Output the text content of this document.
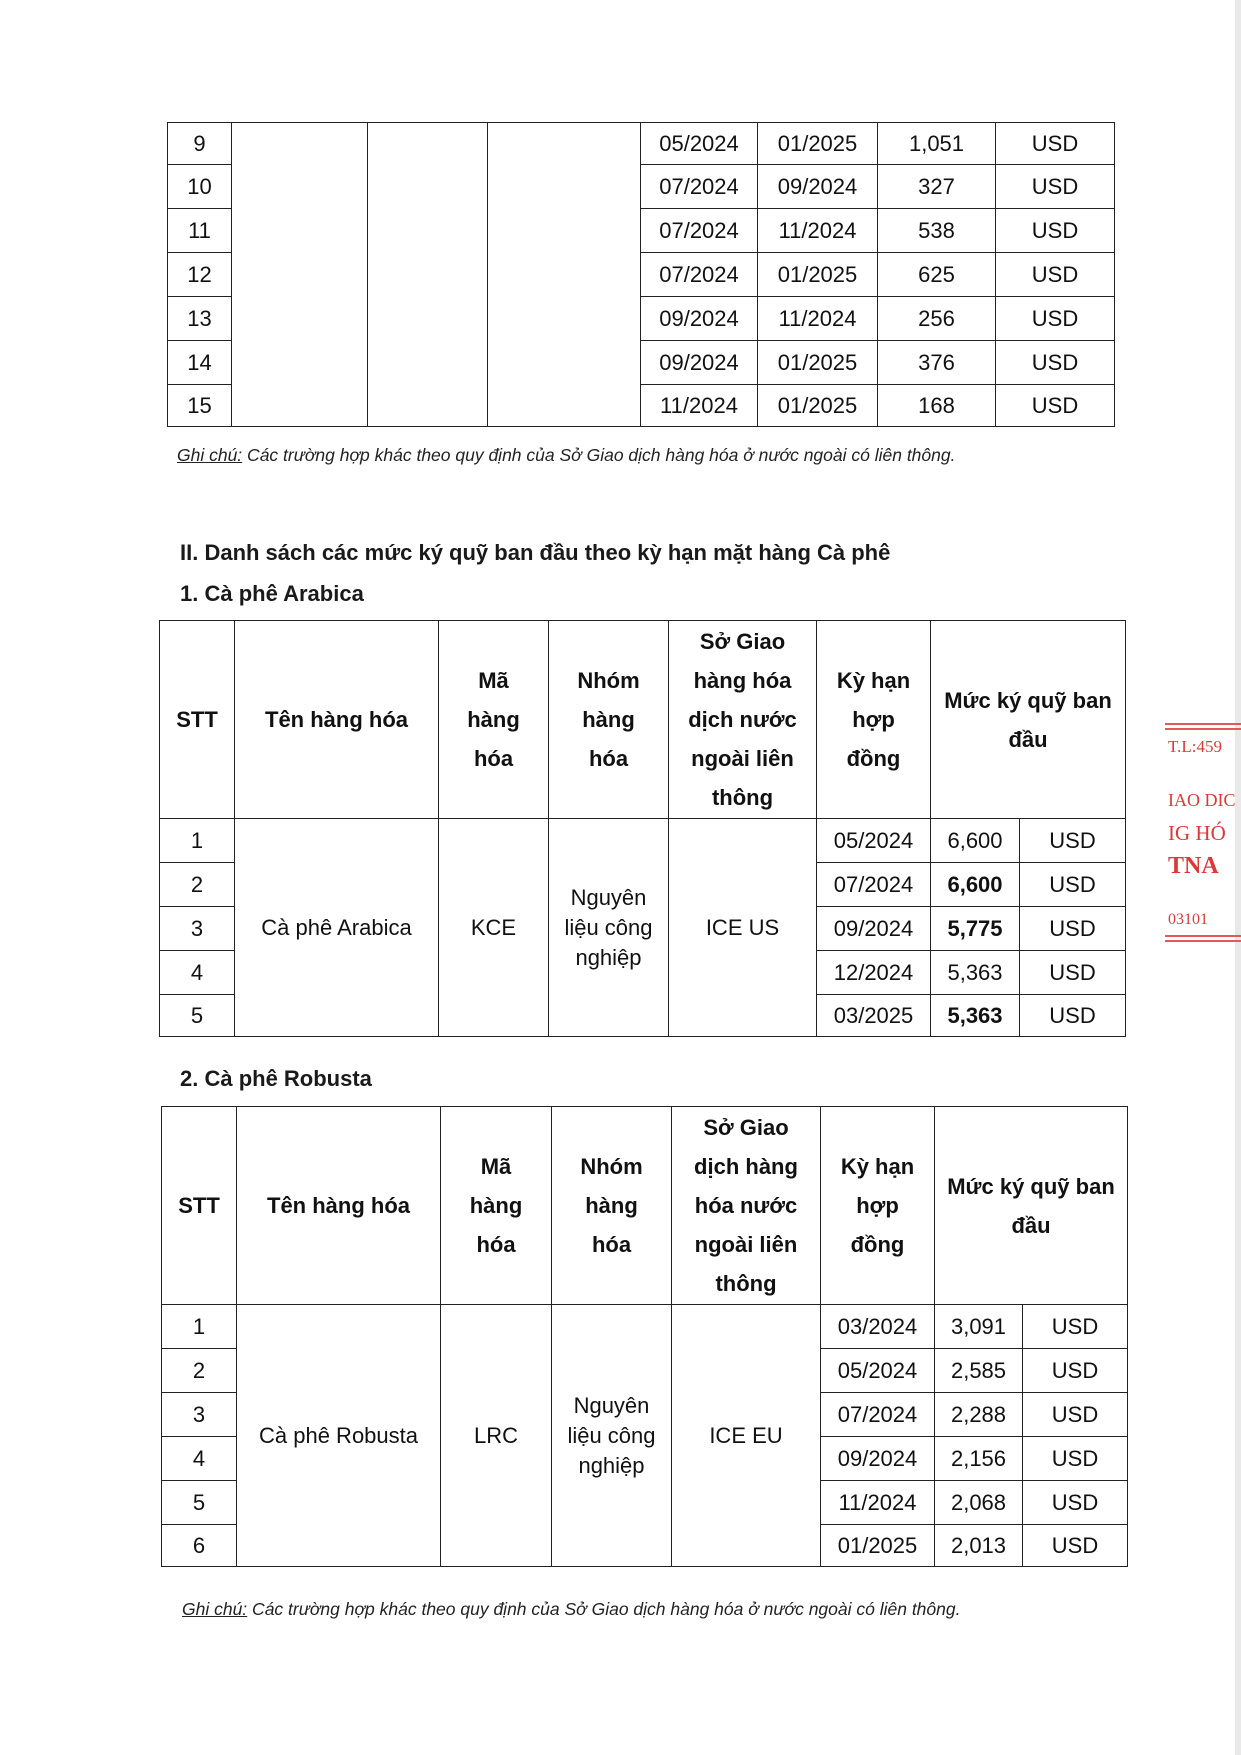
9				05/2024	01/2025	1,051	USD
10				07/2024	09/2024	327	USD
11				07/2024	11/2024	538	USD
12				07/2024	01/2025	625	USD
13				09/2024	11/2024	256	USD
14				09/2024	01/2025	376	USD
15				11/2024	01/2025	168	USD
Ghi chú: Các trường hợp khác theo quy định của Sở Giao dịch hàng hóa ở nước ngoài có liên thông.
II. Danh sách các mức ký quỹ ban đầu theo kỳ hạn mặt hàng Cà phê
1. Cà phê Arabica
STT	Tên hàng hóa	Mã hàng hóa	Nhóm hàng hóa	Sở Giao hàng hóa dịch nước ngoài liên thông	Kỳ hạn hợp đồng	Mức ký quỹ ban đầu	
1	Cà phê Arabica	KCE	Nguyên liệu công nghiệp	ICE US	05/2024	6,600	USD
2					07/2024	6,600	USD
3					09/2024	5,775	USD
4					12/2024	5,363	USD
5					03/2025	5,363	USD
2. Cà phê Robusta
STT	Tên hàng hóa	Mã hàng hóa	Nhóm hàng hóa	Sở Giao dịch hàng hóa nước ngoài liên thông	Kỳ hạn hợp đồng	Mức ký quỹ ban đầu	
1	Cà phê Robusta	LRC	Nguyên liệu công nghiệp	ICE EU	03/2024	3,091	USD
2					05/2024	2,585	USD
3					07/2024	2,288	USD
4					09/2024	2,156	USD
5					11/2024	2,068	USD
6					01/2025	2,013	USD
Ghi chú: Các trường hợp khác theo quy định của Sở Giao dịch hàng hóa ở nước ngoài có liên thông.
T.L:459
IAO DIC
IG HÓ
TNA
03101
